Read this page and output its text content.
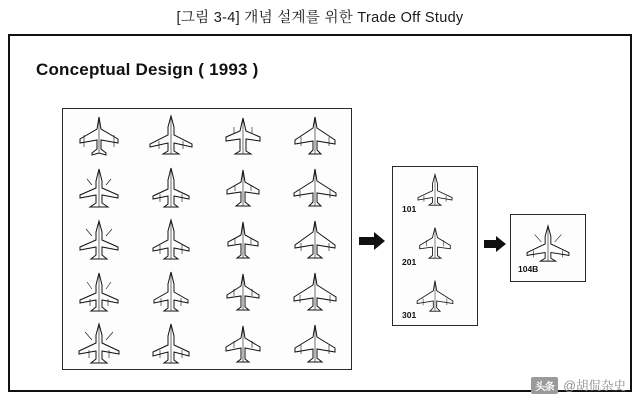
[그림 3-4] 개념 설계를 위한 Trade Off Study
Conceptual Design ( 1993 )
101
201
301
104B
头条 @胡侃杂史
